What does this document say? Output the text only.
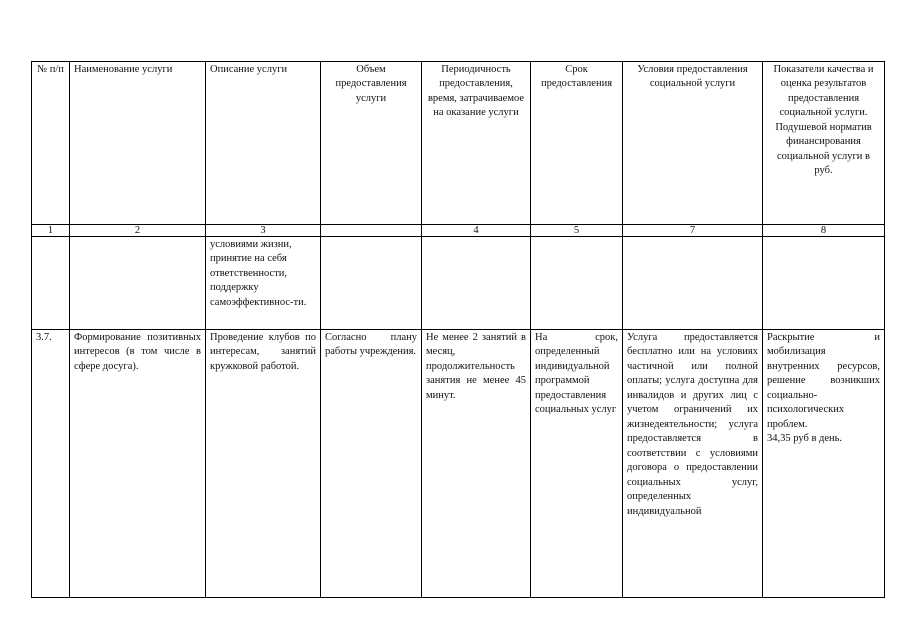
№ п/п	Наименование услуги	Описание услуги	Объем предоставления услуги	Периодичность предоставления, время, затрачиваемое на оказание услуги	Срок предоставления	Условия предоставления социальной услуги	Показатели качества и оценка результатов предоставления социальной услуги. Подушевой норматив финансирования социальной услуги в руб.
1	2	3		4	5	7	8
		условиями жизни, принятие на себя ответственности, поддержку самоэффективнос-ти.					
3.7.	Формирование позитивных интересов (в том числе в сфере досуга).	Проведение клубов по интересам, занятий кружковой работой.	Согласно плану работы учреждения.	Не менее 2 занятий в месяц, продолжительность занятия не менее 45 минут.	На срок, определенный индивидуальной программой предоставления социальных услуг	Услуга предоставляется бесплатно или на условиях частичной или полной оплаты; услуга доступна для инвалидов и других лиц с учетом ограничений их жизнедеятельности; услуга предоставляется в соответствии с условиями договора о предоставлении социальных услуг, определенных индивидуальной	Раскрытие и мобилизация внутренних ресурсов, решение возникших социально-психологических проблем.
34,35 руб в день.
